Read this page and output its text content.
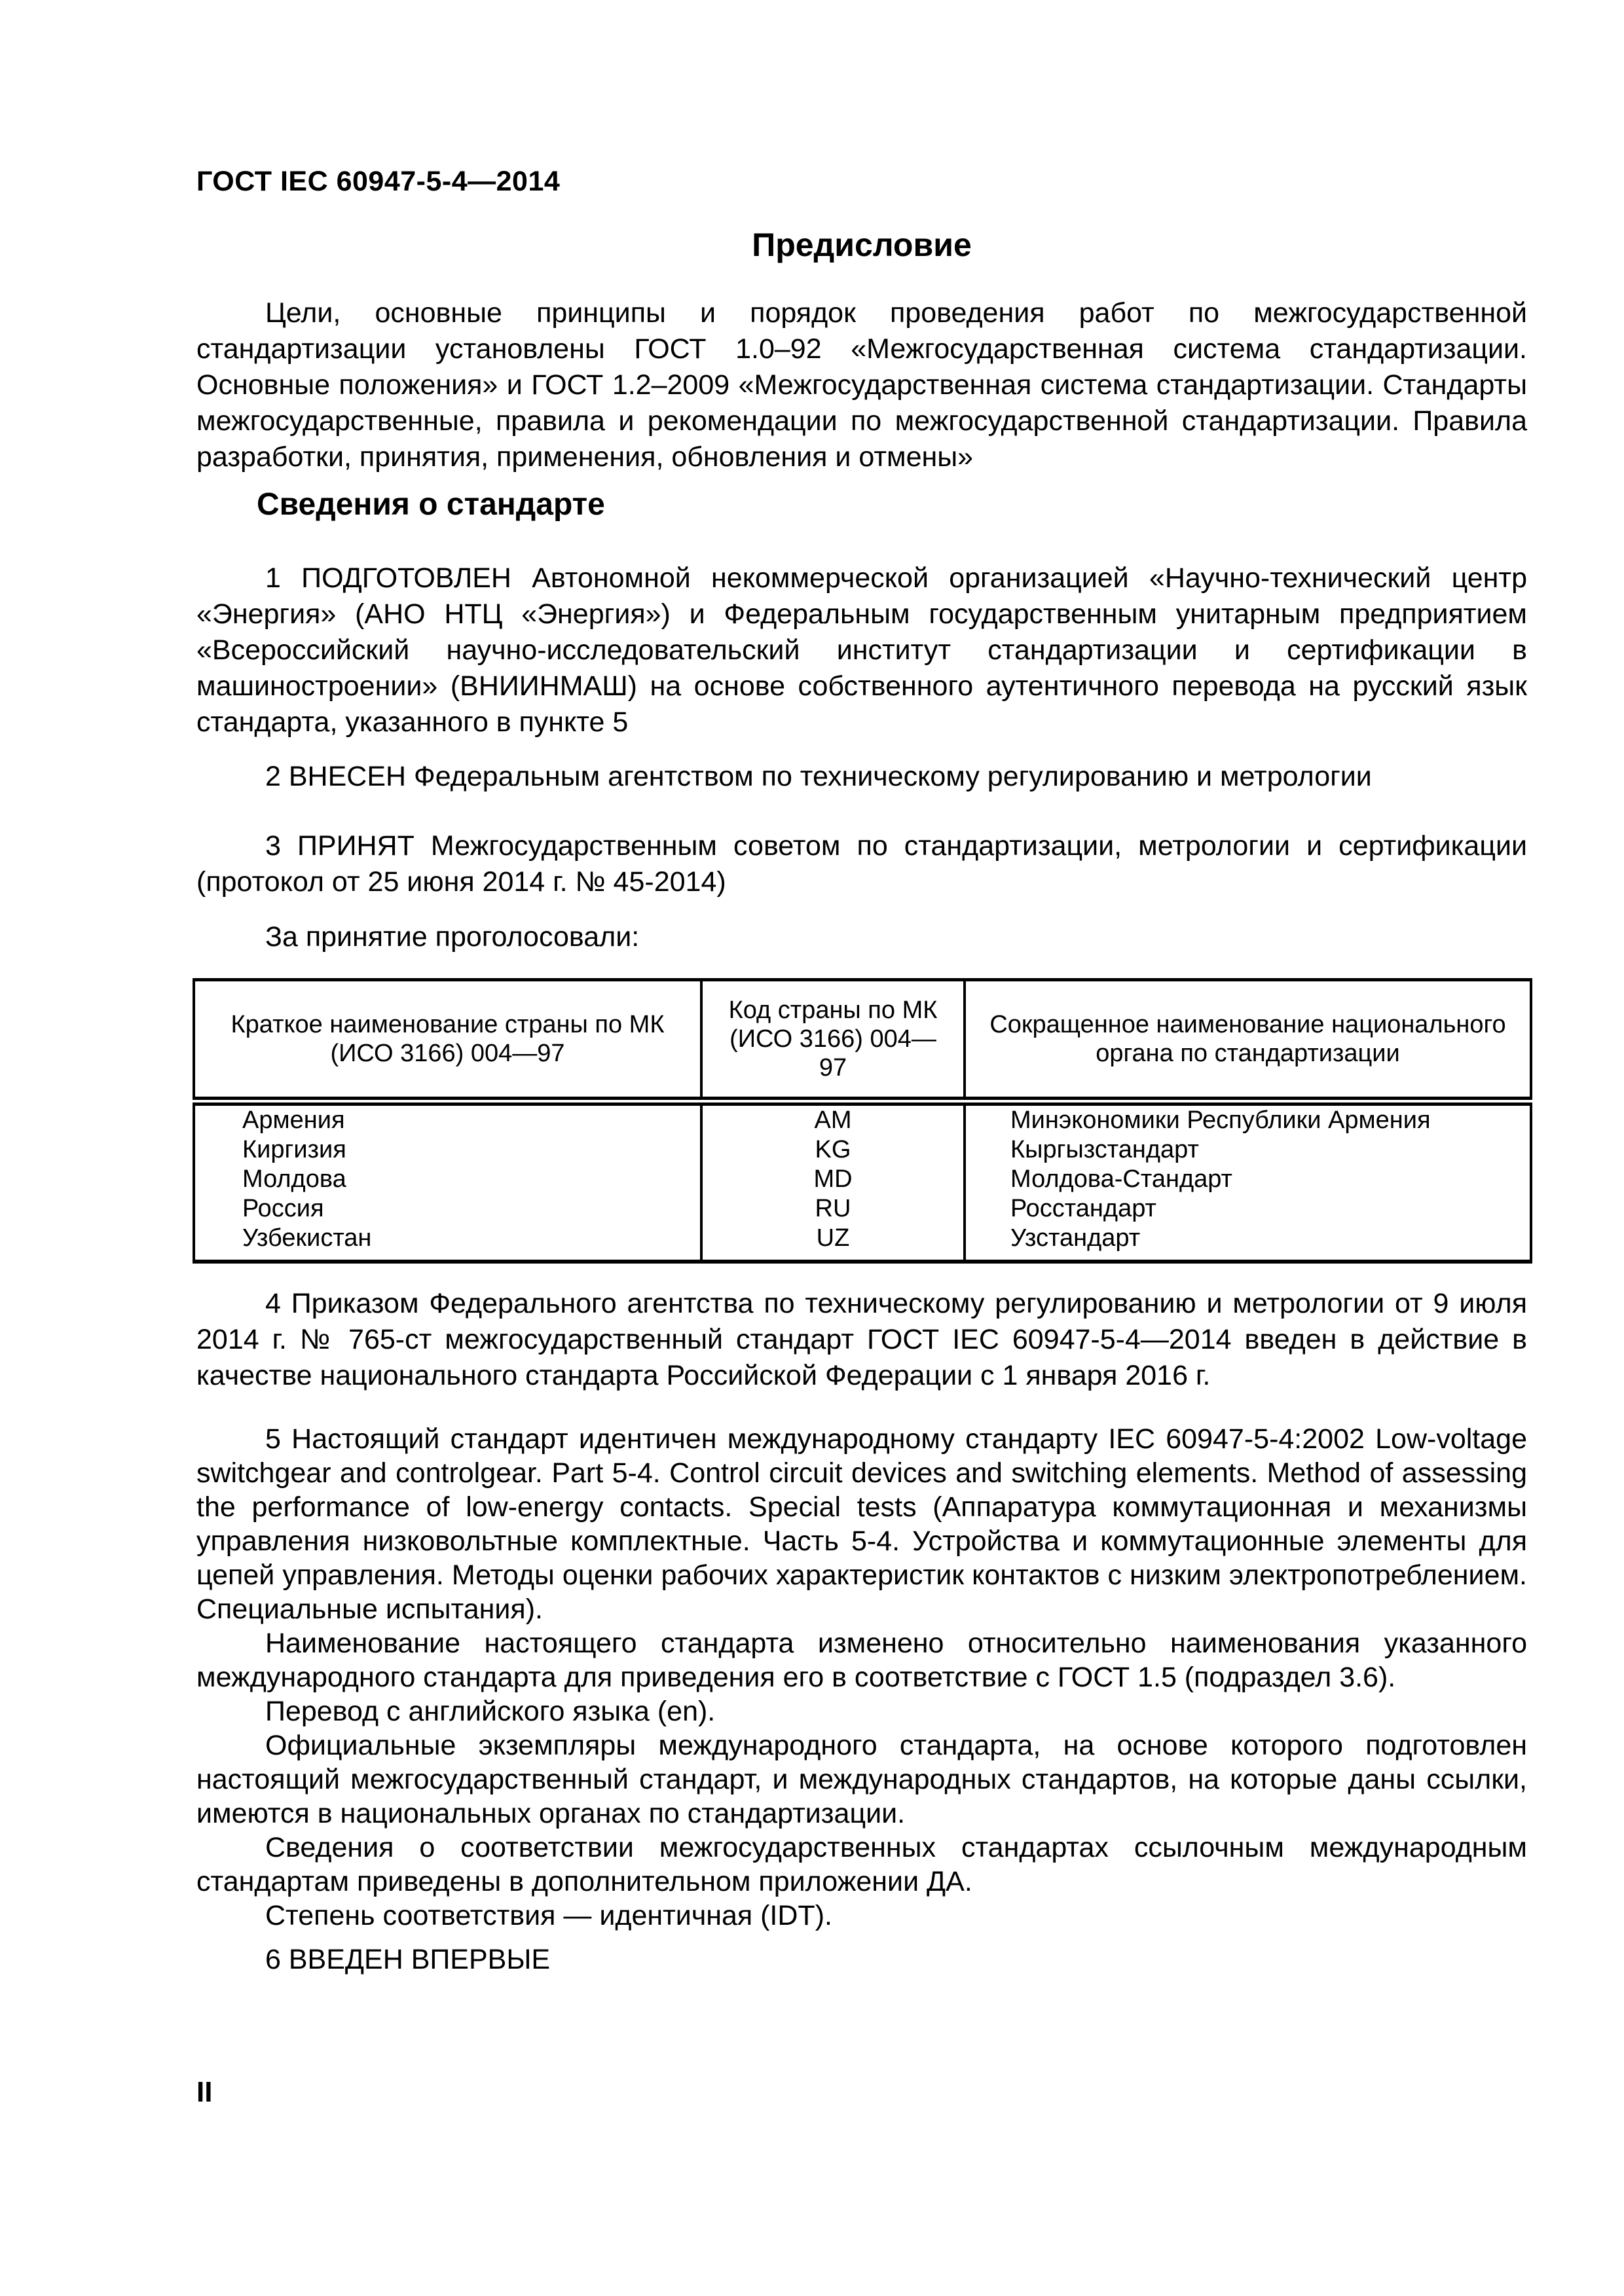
ГОСТ IEC 60947-5-4—2014
Предисловие

Цели, основные принципы и порядок проведения работ по межгосударственной стандартизации установлены ГОСТ 1.0–92 «Межгосударственная система стандартизации. Основные положения» и ГОСТ 1.2–2009 «Межгосударственная система стандартизации. Стандарты межгосударственные, правила и рекомендации по межгосударственной стандартизации. Правила разработки, принятия, применения, обновления и отмены»

Сведения о стандарте

1 ПОДГОТОВЛЕН Автономной некоммерческой организацией «Научно-технический центр «Энергия» (АНО НТЦ «Энергия») и Федеральным государственным унитарным предприятием «Всероссийский научно-исследовательский институт стандартизации и сертификации в машиностроении» (ВНИИНМАШ) на основе собственного аутентичного перевода на русский язык стандарта, указанного в пункте 5

2 ВНЕСЕН Федеральным агентством по техническому регулированию и метрологии

3 ПРИНЯТ Межгосударственным советом по стандартизации, метрологии и сертификации (протокол от 25 июня 2014 г. № 45-2014)

За принятие проголосовали:

Краткое наименование страны по МК (ИСО 3166) 004—97	Код страны по МК (ИСО 3166) 004—97	Сокращенное наименование национального органа по стандартизации
Армения	AM	Минэкономики Республики Армения
Киргизия	KG	Кыргызстандарт
Молдова	MD	Молдова-Стандарт
Россия	RU	Росстандарт
Узбекистан	UZ	Узстандарт

4 Приказом Федерального агентства по техническому регулированию и метрологии от 9 июля 2014 г. № 765-ст межгосударственный стандарт ГОСТ IEC 60947-5-4—2014 введен в действие в качестве национального стандарта Российской Федерации с 1 января 2016 г.

5 Настоящий стандарт идентичен международному стандарту IEC 60947-5-4:2002 Low-voltage switchgear and controlgear. Part 5-4. Control circuit devices and switching elements. Method of assessing the performance of low-energy contacts. Special tests (Аппаратура коммутационная и механизмы управления низковольтные комплектные. Часть 5-4. Устройства и коммутационные элементы для цепей управления. Методы оценки рабочих характеристик контактов с низким электропотреблением. Специальные испытания).

Наименование настоящего стандарта изменено относительно наименования указанного международного стандарта для приведения его в соответствие с ГОСТ 1.5 (подраздел 3.6).

Перевод с английского языка (en).

Официальные экземпляры международного стандарта, на основе которого подготовлен настоящий межгосударственный стандарт, и международных стандартов, на которые даны ссылки, имеются в национальных органах по стандартизации.

Сведения о соответствии межгосударственных стандартах ссылочным международным стандартам приведены в дополнительном приложении ДА.

Степень соответствия — идентичная (IDT).

6 ВВЕДЕН ВПЕРВЫЕ

II
